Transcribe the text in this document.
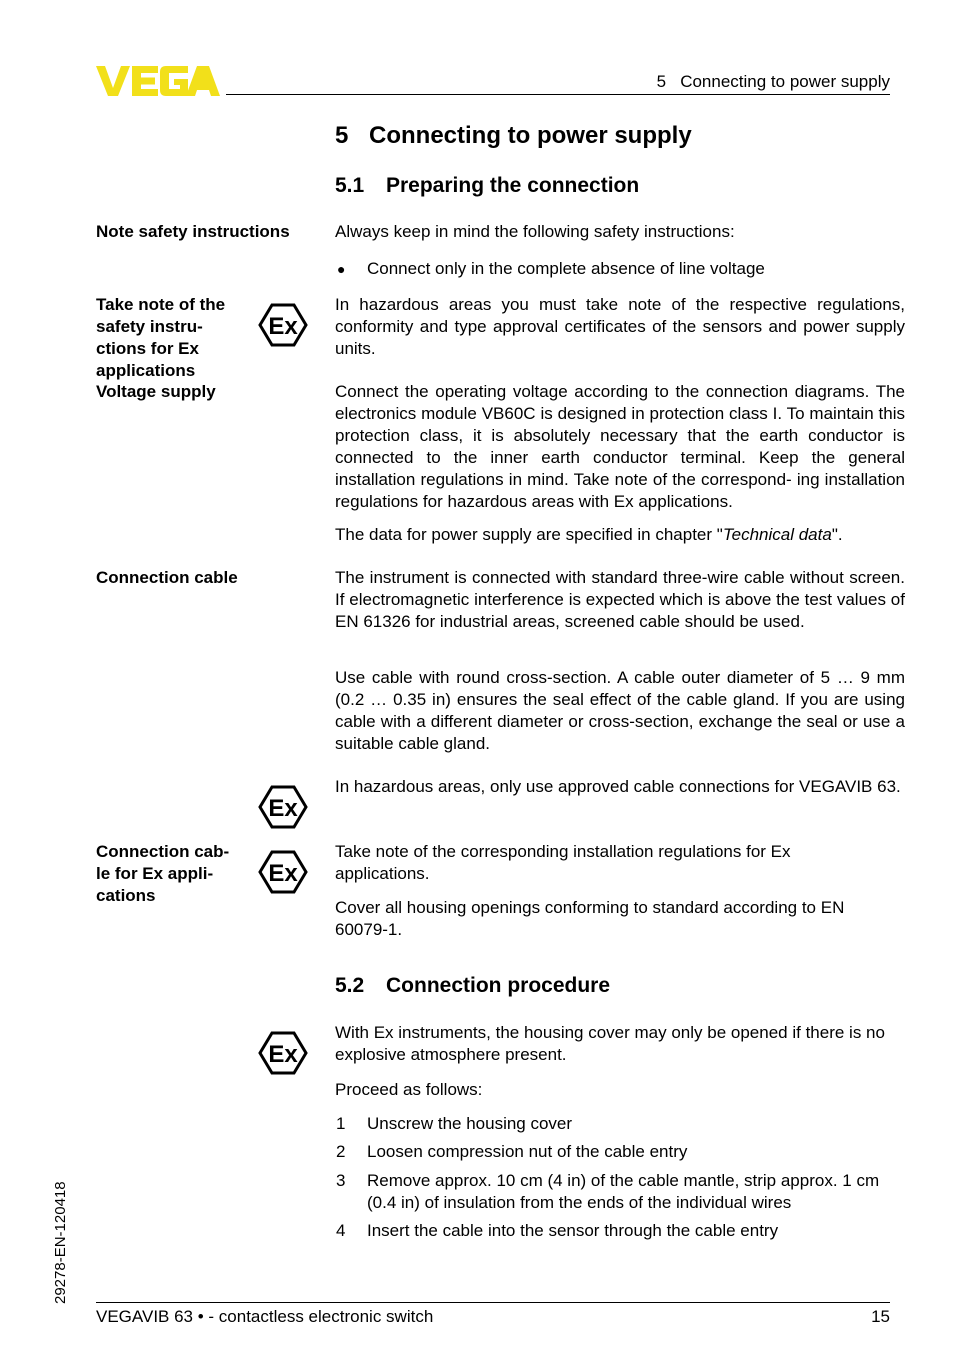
VEGA
5   Connecting to power supply
5 Connecting to power supply
5.1 Preparing the connection
Note safety instructions	Always keep in mind the following safety instructions:
● Connect only in the complete absence of line voltage
Take note of the safety instru- ctions for Ex applications
Ex
In hazardous areas you must take note of the respective regulations, conformity and type approval certificates of the sensors and power supply units.
Voltage supply	Connect the operating voltage according to the connection diagrams. The electronics module VB60C is designed in protection class I. To maintain this protection class, it is absolutely necessary that the earth conductor is connected to the inner earth conductor terminal. Keep the general installation regulations in mind. Take note of the correspond- ing installation regulations for hazardous areas with Ex applications.
The data for power supply are specified in chapter "Technical data".
Connection cable	The instrument is connected with standard three-wire cable without screen. If electromagnetic interference is expected which is above the test values of EN 61326 for industrial areas, screened cable should be used.
Use cable with round cross-section. A cable outer diameter of 5 … 9 mm (0.2 … 0.35 in) ensures the seal effect of the cable gland. If you are using cable with a different diameter or cross-section, exchange the seal or use a suitable cable gland.
Ex
In hazardous areas, only use approved cable connections for VEGAVIB 63.
Connection cab- le for Ex appli- cations
Ex
Take note of the corresponding installation regulations for Ex applications.
Cover all housing openings conforming to standard according to EN 60079-1.
5.2 Connection procedure
Ex
With Ex instruments, the housing cover may only be opened if there is no explosive atmosphere present.
Proceed as follows:
1 Unscrew the housing cover
2 Loosen compression nut of the cable entry
3 Remove approx. 10 cm (4 in) of the cable mantle, strip approx. 1 cm (0.4 in) of insulation from the ends of the individual wires
4 Insert the cable into the sensor through the cable entry
29278-EN-120418
VEGAVIB 63 • - contactless electronic switch	15
